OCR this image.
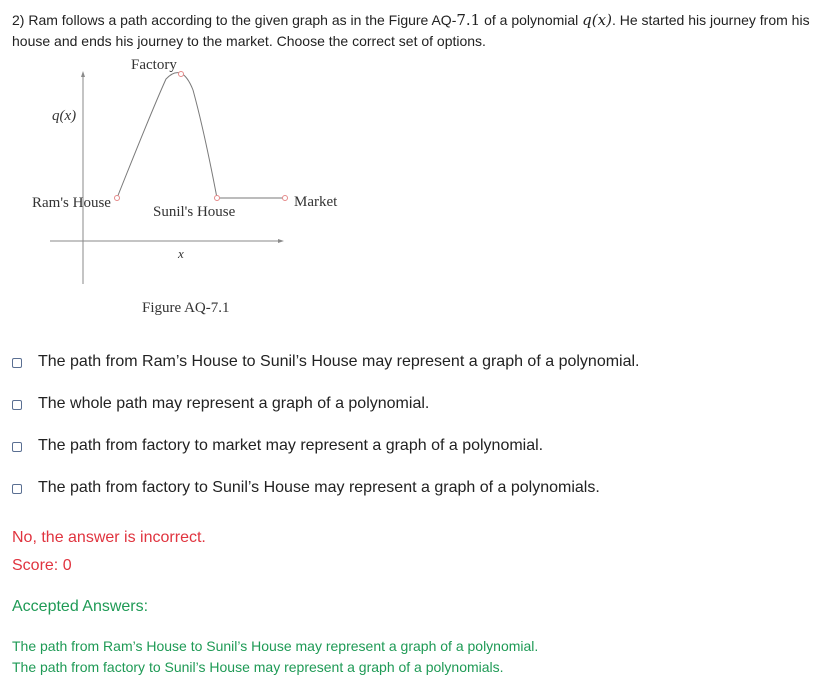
2) Ram follows a path according to the given graph as in the Figure AQ-7.1 of a polynomial q(x). He started his journey from his house and ends his journey to the market. Choose the correct set of options.
Factory
q(x)
Ram's House
Sunil's House
Market
x
Figure AQ-7.1
The path from Ram’s House to Sunil’s House may represent a graph of a polynomial.
The whole path may represent a graph of a polynomial.
The path from factory to market may represent a graph of a polynomial.
The path from factory to Sunil’s House may represent a graph of a polynomials.
No, the answer is incorrect.
Score: 0
Accepted Answers:
The path from Ram’s House to Sunil’s House may represent a graph of a polynomial.
The path from factory to Sunil’s House may represent a graph of a polynomials.
